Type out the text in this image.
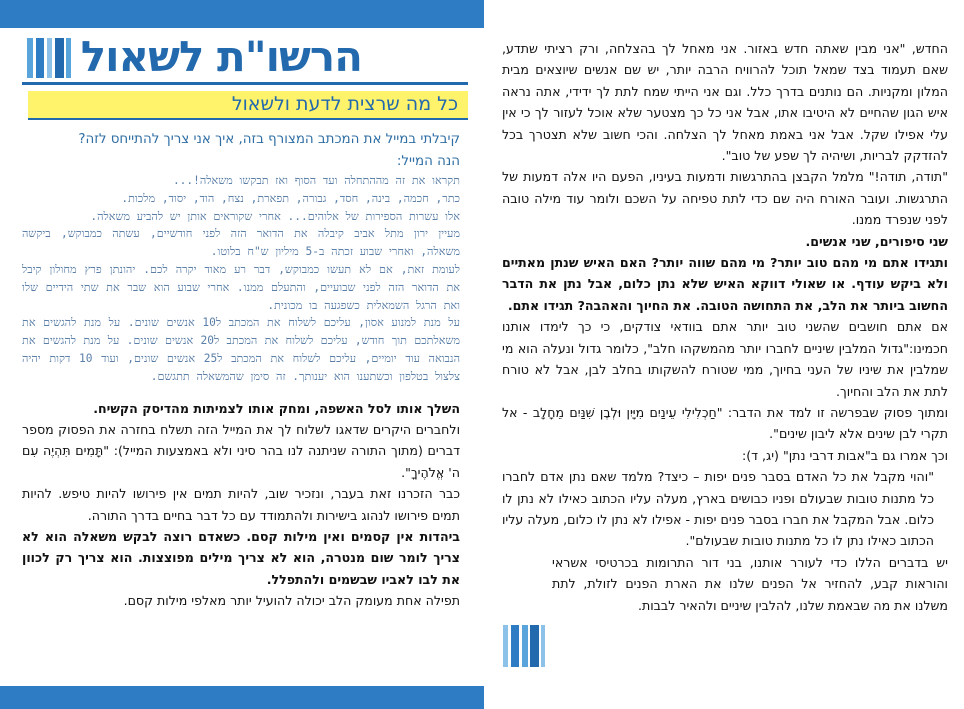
הרשו"ת לשאול
כל מה שרצית לדעת ולשאול
קיבלתי במייל את המכתב המצורף בזה, איך אני צריך להתייחס לזה?
הנה המייל:

תקראו את זה מההתחלה ועד הסוף ואז תבקשו משאלה!...

כתר, חכמה, בינה, חסד, גבורה, תפארת, נצח, הוד, יסוד, מלכות.

אלו עשרות הספירות של אלוהים... אחרי שקוראים אותן יש להביע משאלה.

מעיין ירון מתל אביב קיבלה את הדואר הזה לפני חודשיים, עשתה כמבוקש, ביקשה משאלה, ואחרי שבוע זכתה ב-5 מיליון ש"ח בלוטו.

לעומת זאת, אם לא תעשו כמבוקש, דבר רע מאוד יקרה לכם. יהונתן פרץ מחולון קיבל את הדואר הזה לפני שבועיים, והתעלם ממנו. אחרי שבוע הוא שבר את שתי הידיים שלו ואת הרגל השמאלית כשפגעה בו מכונית.

על מנת למנוע אסון, עליכם לשלוח את המכתב ל10 אנשים שונים. על מנת להגשים את משאלתכם תוך חודש, עליכם לשלוח את המכתב ל20 אנשים שונים. על מנת להגשים את הנבואה עוד יומיים, עליכם לשלוח את המכתב ל25 אנשים שונים, ועוד 10 דקות יהיה צלצול בטלפון וכשתענו הוא יענותך. זה סימן שהמשאלה תתגשם.

השלך אותו לסל האשפה, ומחק אותו לצמיתות מהדיסק הקשיח.

ולחברים היקרים שדאגו לשלוח לך את המייל הזה תשלח בחזרה את הפסוק מספר דברים (מתוך התורה שניתנה לנו בהר סיני ולא באמצעות המייל): "תָּמִים תִּהְיֶה עִם ה' אֱלֹהֶיךָ".

כבר הזכרנו זאת בעבר, ונזכיר שוב, להיות תמים אין פירושו להיות טיפש. להיות תמים פירושו לנהוג בישירות ולהתמודד עם כל דבר בחיים בדרך התורה.

ביהדות אין קסמים ואין מילות קסם. כשאדם רוצה לבקש משאלה הוא לא צריך לומר שום מנטרה, הוא לא צריך מילים מפוצצות. הוא צריך רק לכוון את לבו לאביו שבשמים ולהתפלל.

תפילה אחת מעומק הלב יכולה להועיל יותר מאלפי מילות קסם.

החדש, "אני מבין שאתה חדש באזור. אני מאחל לך בהצלחה, ורק רציתי שתדע, שאם תעמוד בצד שמאל תוכל להרוויח הרבה יותר, יש שם אנשים שיוצאים מבית המלון ומקניות. הם נותנים בדרך כלל. וגם אני הייתי שמח לתת לך ידידי, אתה נראה איש הגון שהחיים לא היטיבו אתו, אבל אני כל כך מצטער שלא אוכל לעזור לך כי אין עלי אפילו שקל. אבל אני באמת מאחל לך הצלחה. והכי חשוב שלא תצטרך בכל להזדקק לבריות, ושיהיה לך שפע של טוב".

"תודה, תודה!" מלמל הקבצן בהתרגשות ודמעות בעיניו, הפעם היו אלה דמעות של התרגשות. ועובר האורח היה שם כדי לתת טפיחה על השכם ולומר עוד מילה טובה לפני שנפרד ממנו.

שני סיפורים, שני אנשים.

ותגידו אתם מי מהם טוב יותר? מי מהם שווה יותר? האם האיש שנתן מאתיים ולא ביקש עודף. או שאולי דווקא האיש שלא נתן כלום, אבל נתן את הדבר החשוב ביותר את הלב, את התחושה הטובה. את החיוך והאהבה? תגידו אתם.

אם אתם חושבים שהשני טוב יותר אתם בוודאי צודקים, כי כך לימדו אותנו חכמינו:"גדול המלבין שיניים לחברו יותר מהמשקהו חלב", כלומר גדול ונעלה הוא מי שמלבין את שיניו של העני בחיוך, ממי שטורח להשקותו בחלב לבן, אבל לא טורח לתת את הלב והחיוך.

ומתוך פסוק שבפרשה זו למד את הדבר: "חַכְלִילִי עֵינַיִם מִיָּיִן וּלְבֶן שִׁנַּיִם מֵחָלָב - אל תקרי לבן שינים אלא ליבון שינים".

וכך אמרו גם ב"אבות דרבי נתן" (יג, ד):

"והוי מקבל את כל האדם בסבר פנים יפות – כיצד? מלמד שאם נתן אדם לחברו כל מתנות טובות שבעולם ופניו כבושים בארץ, מעלה עליו הכתוב כאילו לא נתן לו כלום. אבל המקבל את חברו בסבר פנים יפות - אפילו לא נתן לו כלום, מעלה עליו הכתוב כאילו נתן לו כל מתנות טובות שבעולם".

יש בדברים הללו כדי לעורר אותנו, בני דור התרומות בכרטיסי אשראי והוראות קבע, להחזיר אל הפנים שלנו את הארת הפנים לזולת, לתת משלנו את מה שבאמת שלנו, להלבין שיניים ולהאיר לבבות.
